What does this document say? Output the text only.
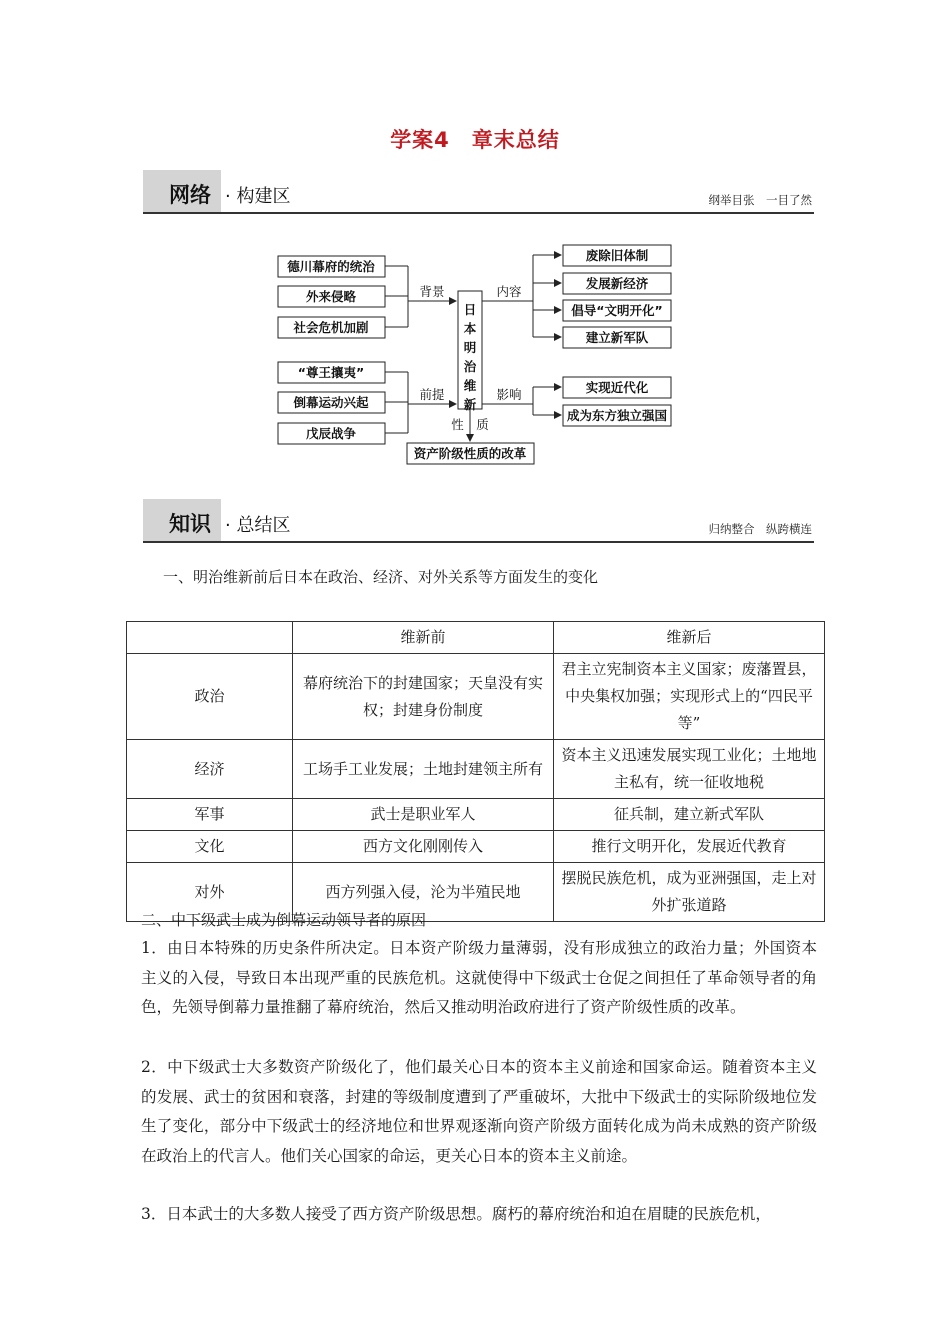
学案4　章末总结
网络 · 构建区	纲举目张　一目了然
德川幕府的统治
外来侵略
社会危机加剧
“尊王攘夷”
倒幕运动兴起
戊辰战争
废除旧体制
发展新经济
倡导“文明开化”
建立新军队
实现近代化
成为东方独立强国
资产阶级性质的改革
日
本
明
治
维
新
背景
前提
内容
影响
性　质
知识 · 总结区	归纳整合　纵跨横连
一、明治维新前后日本在政治、经济、对外关系等方面发生的变化
	维新前	维新后
政治	幕府统治下的封建国家；天皇没有实权；封建身份制度	君主立宪制资本主义国家；废藩置县，中央集权加强；实现形式上的“四民平等”
经济	工场手工业发展；土地封建领主所有	资本主义迅速发展实现工业化；土地地主私有，统一征收地税
军事	武士是职业军人	征兵制，建立新式军队
文化	西方文化刚刚传入	推行文明开化，发展近代教育
对外	西方列强入侵，沦为半殖民地	摆脱民族危机，成为亚洲强国，走上对外扩张道路
二、中下级武士成为倒幕运动领导者的原因
1．由日本特殊的历史条件所决定。日本资产阶级力量薄弱，没有形成独立的政治力量；外国资本主义的入侵，导致日本出现严重的民族危机。这就使得中下级武士仓促之间担任了革命领导者的角色，先领导倒幕力量推翻了幕府统治，然后又推动明治政府进行了资产阶级性质的改革。
2．中下级武士大多数资产阶级化了，他们最关心日本的资本主义前途和国家命运。随着资本主义的发展、武士的贫困和衰落，封建的等级制度遭到了严重破坏，大批中下级武士的实际阶级地位发生了变化，部分中下级武士的经济地位和世界观逐渐向资产阶级方面转化成为尚未成熟的资产阶级在政治上的代言人。他们关心国家的命运，更关心日本的资本主义前途。
3．日本武士的大多数人接受了西方资产阶级思想。腐朽的幕府统治和迫在眉睫的民族危机，
